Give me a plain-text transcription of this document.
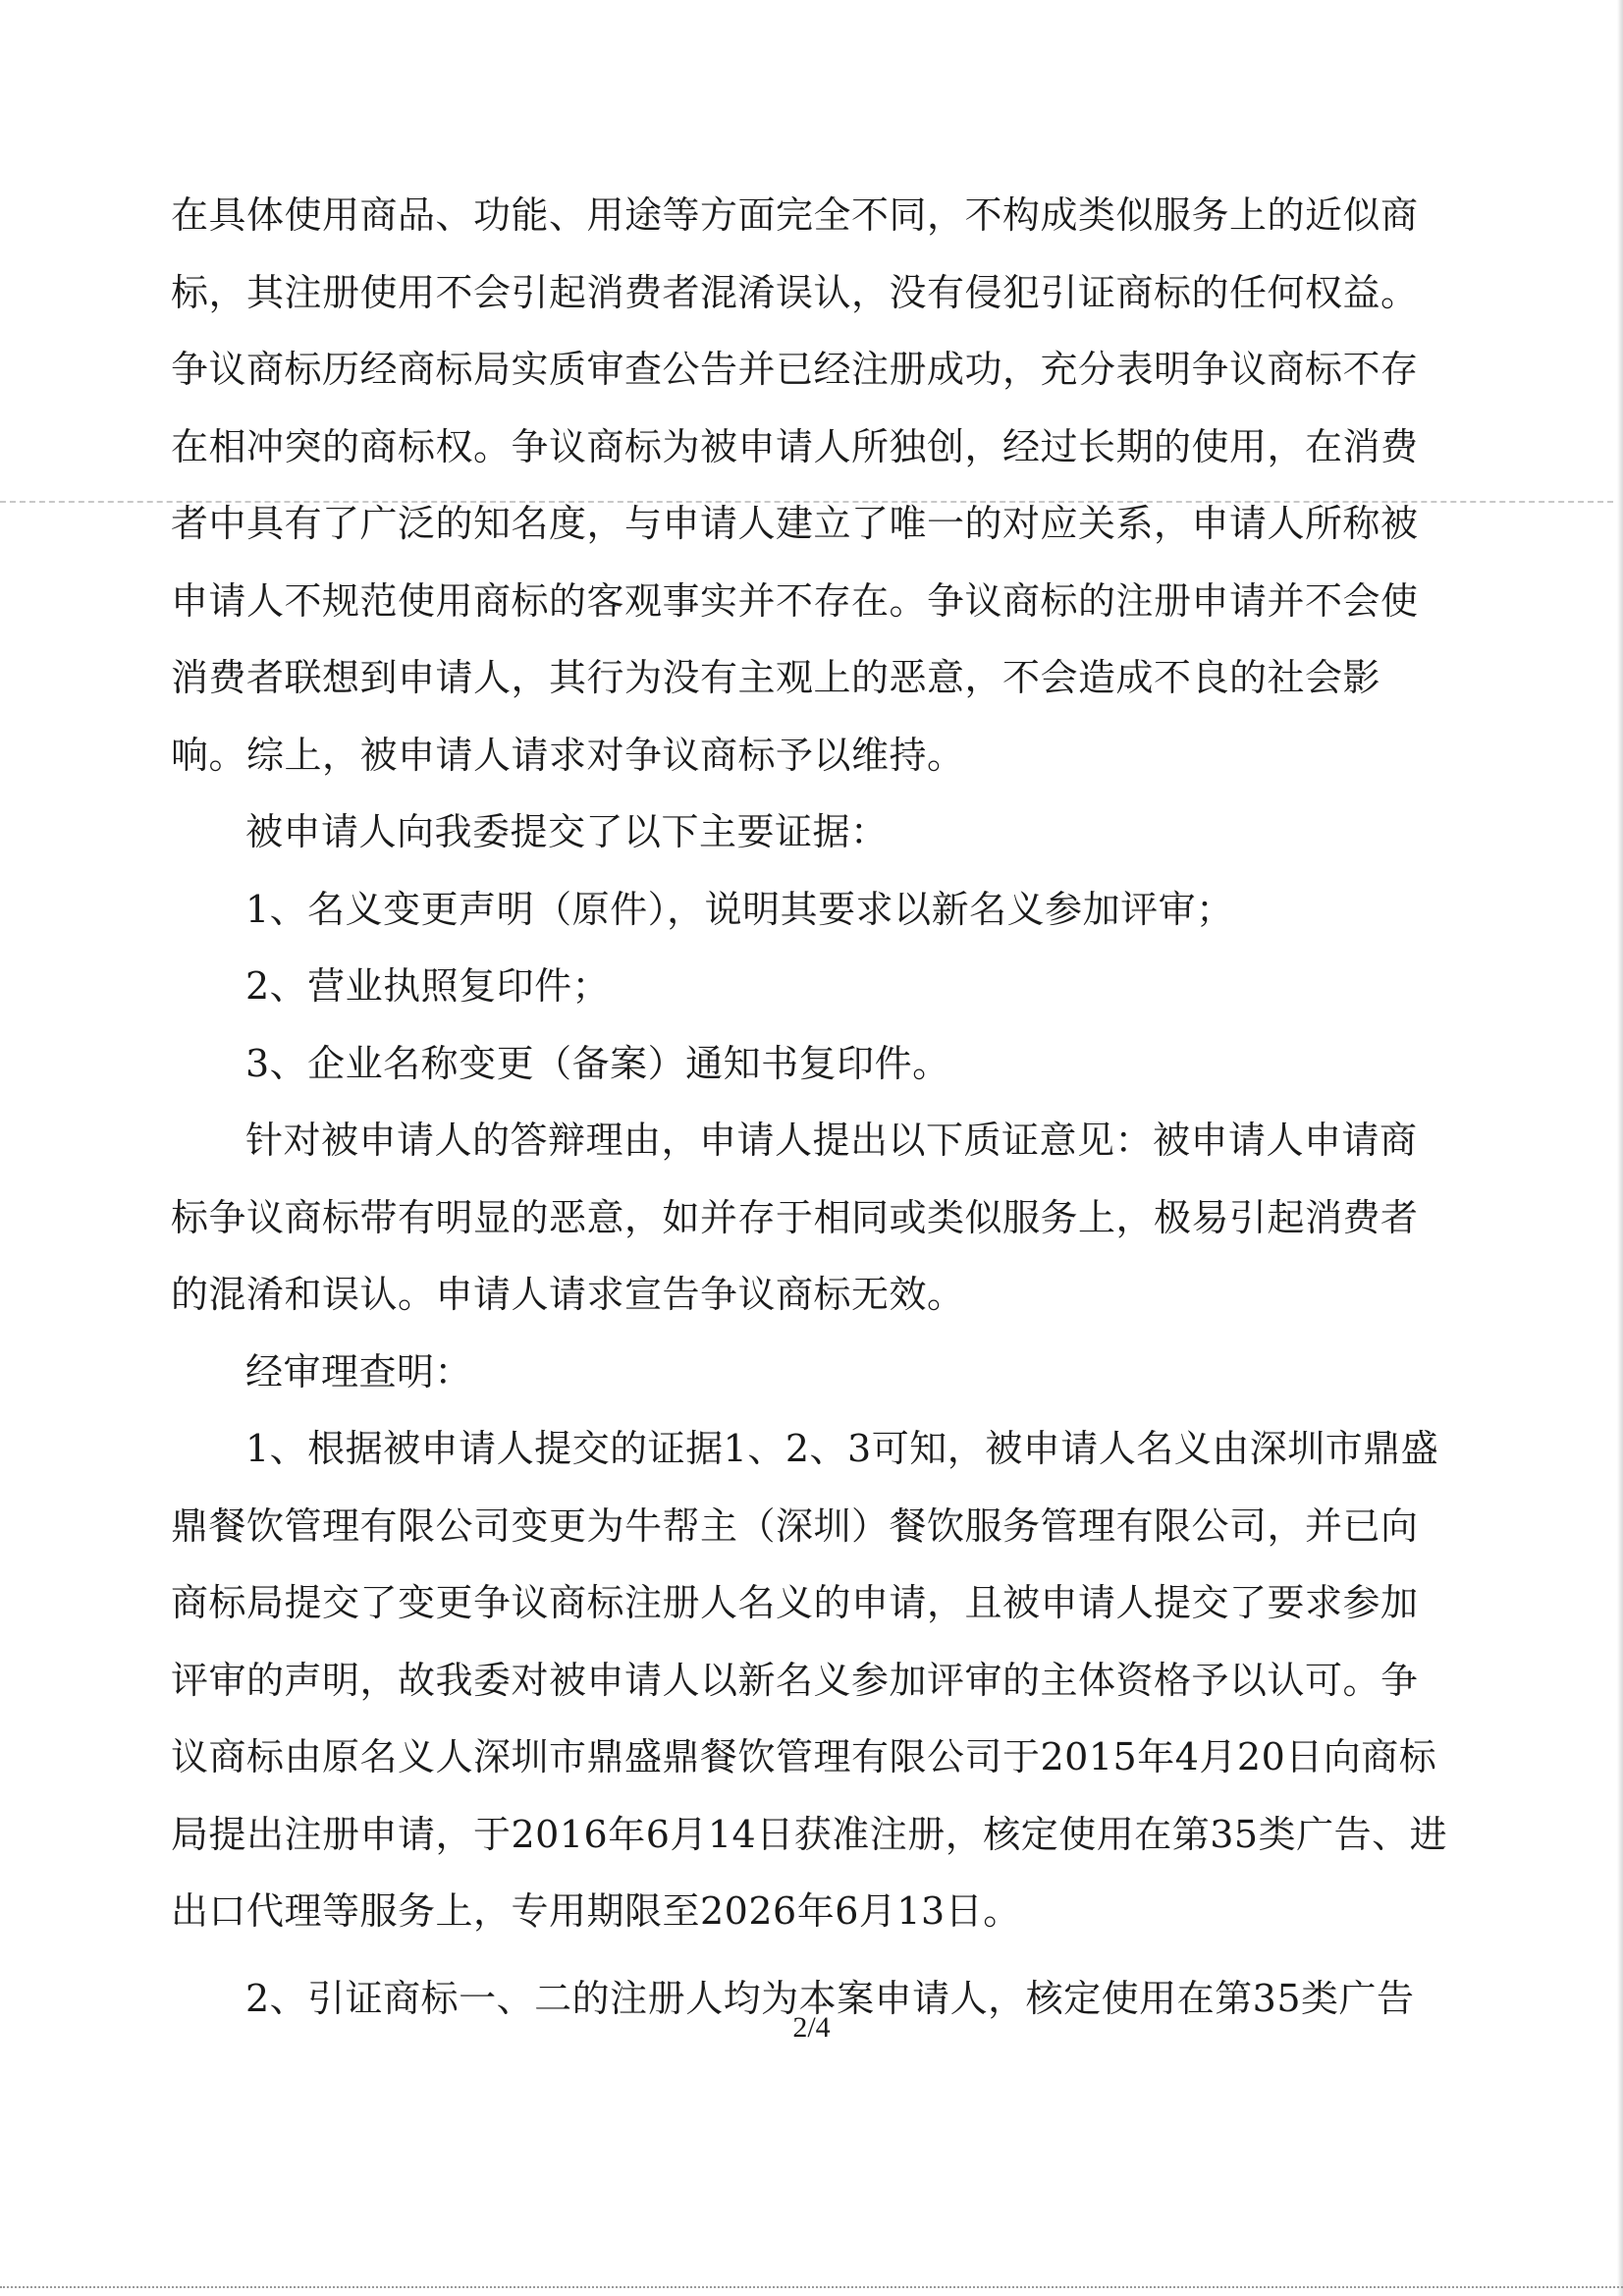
在具体使用商品、功能、用途等方面完全不同，不构成类似服务上的近似商
标，其注册使用不会引起消费者混淆误认，没有侵犯引证商标的任何权益。
争议商标历经商标局实质审查公告并已经注册成功，充分表明争议商标不存
在相冲突的商标权。争议商标为被申请人所独创，经过长期的使用，在消费
者中具有了广泛的知名度，与申请人建立了唯一的对应关系，申请人所称被
申请人不规范使用商标的客观事实并不存在。争议商标的注册申请并不会使
消费者联想到申请人，其行为没有主观上的恶意，不会造成不良的社会影
响。综上，被申请人请求对争议商标予以维持。
被申请人向我委提交了以下主要证据：
1、名义变更声明（原件），说明其要求以新名义参加评审；
2、营业执照复印件；
3、企业名称变更（备案）通知书复印件。
针对被申请人的答辩理由，申请人提出以下质证意见：被申请人申请商
标争议商标带有明显的恶意，如并存于相同或类似服务上，极易引起消费者
的混淆和误认。申请人请求宣告争议商标无效。
经审理查明：
1、根据被申请人提交的证据1、2、3可知，被申请人名义由深圳市鼎盛
鼎餐饮管理有限公司变更为牛帮主（深圳）餐饮服务管理有限公司，并已向
商标局提交了变更争议商标注册人名义的申请，且被申请人提交了要求参加
评审的声明，故我委对被申请人以新名义参加评审的主体资格予以认可。争
议商标由原名义人深圳市鼎盛鼎餐饮管理有限公司于2015年4月20日向商标
局提出注册申请，于2016年6月14日获准注册，核定使用在第35类广告、进
出口代理等服务上，专用期限至2026年6月13日。
2、引证商标一、二的注册人均为本案申请人，核定使用在第35类广告
2/4
